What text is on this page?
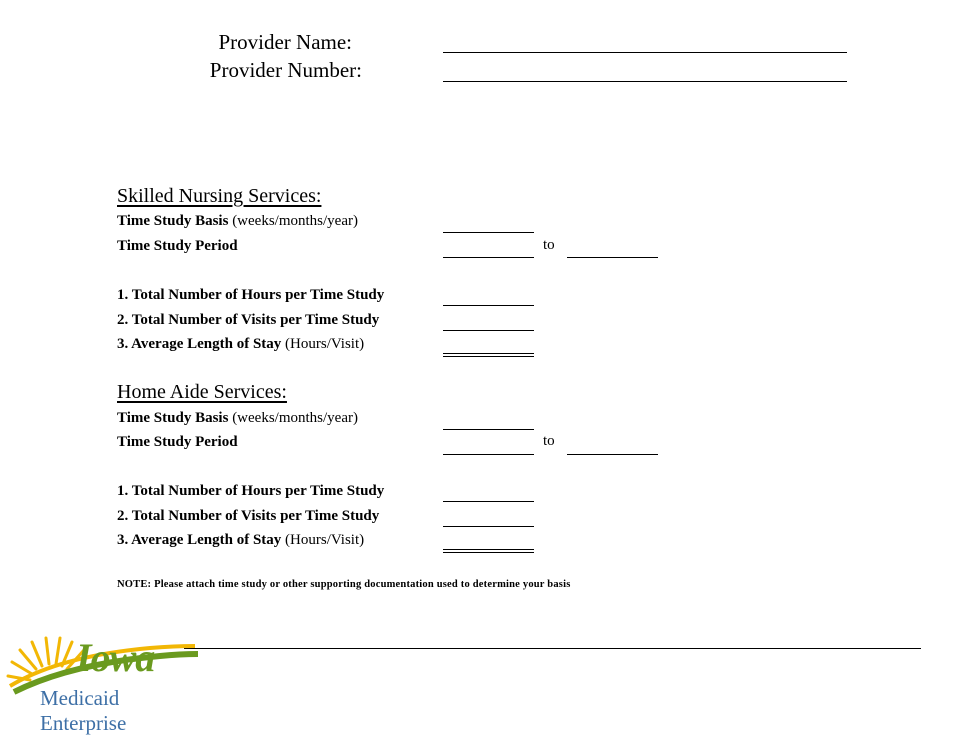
Provider Name:
Provider Number:
Skilled Nursing Services:
Time Study Basis (weeks/months/year)
Time Study Period	to
1. Total Number of Hours per Time Study
2. Total Number of Visits per Time Study
3. Average Length of Stay (Hours/Visit)
Home Aide Services:
Time Study Basis (weeks/months/year)
Time Study Period	to
1. Total Number of Hours per Time Study
2. Total Number of Visits per Time Study
3. Average Length of Stay (Hours/Visit)
NOTE: Please attach time study or other supporting documentation used to determine your basis
Iowa
Medicaid Enterprise
